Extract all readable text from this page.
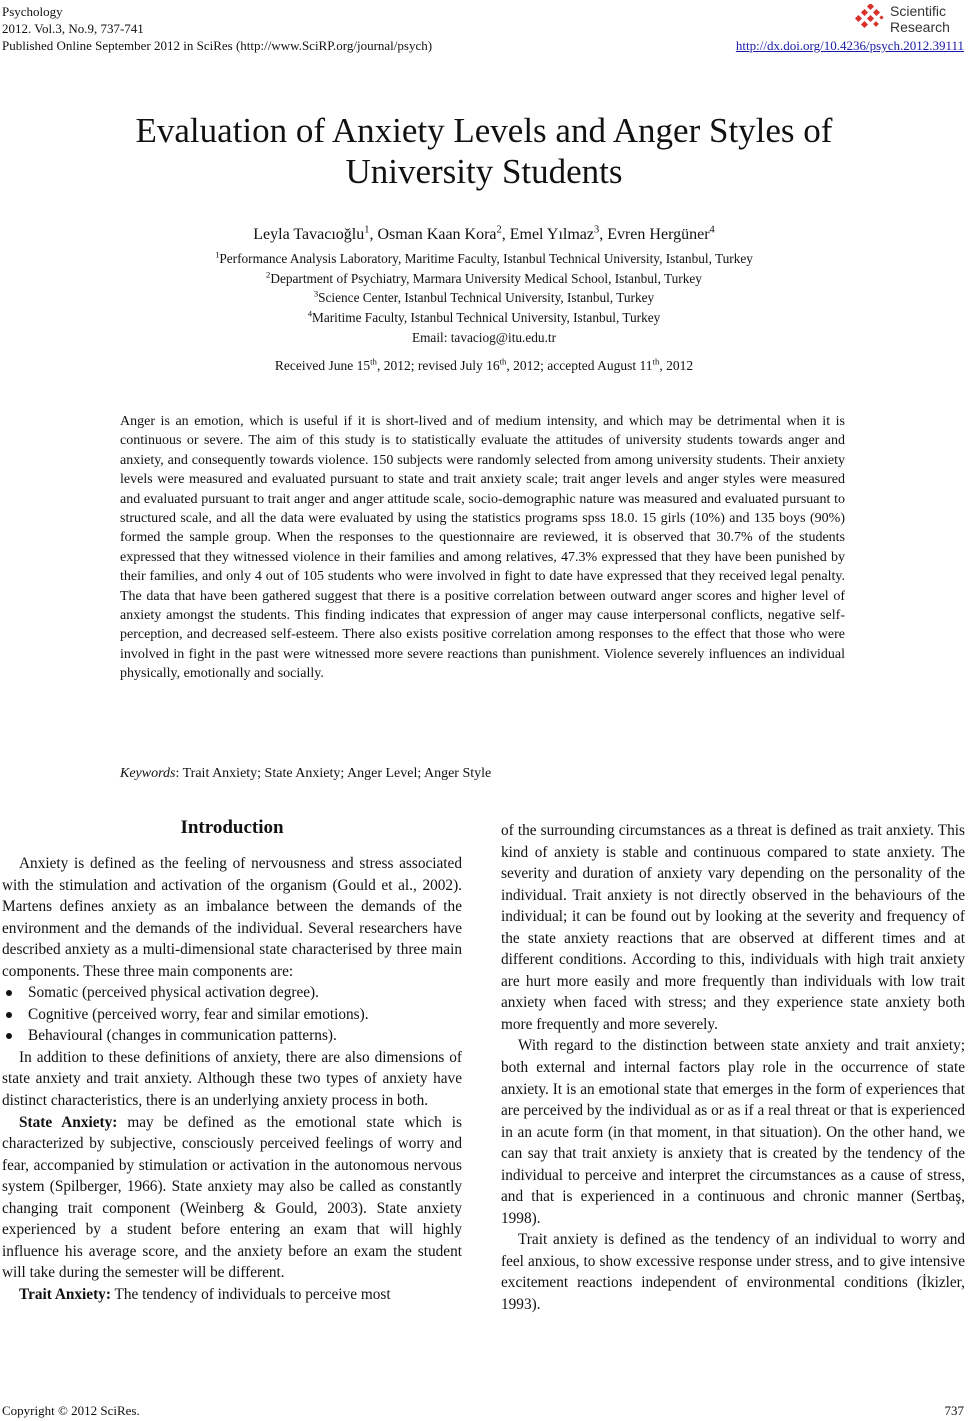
Psychology
2012. Vol.3, No.9, 737-741
Published Online September 2012 in SciRes (http://www.SciRP.org/journal/psych)	http://dx.doi.org/10.4236/psych.2012.39111
Scientific
Research
Evaluation of Anxiety Levels and Anger Styles of
University Students
Leyla Tavacıoğlu$^1$, Osman Kaan Kora$^2$, Emel Yılmaz$^3$, Evren Hergüner$^4$
$^1$Performance Analysis Laboratory, Maritime Faculty, Istanbul Technical University, Istanbul, Turkey
$^2$Department of Psychiatry, Marmara University Medical School, Istanbul, Turkey
$^3$Science Center, Istanbul Technical University, Istanbul, Turkey
$^4$Maritime Faculty, Istanbul Technical University, Istanbul, Turkey
Email: tavaciog@itu.edu.tr
Received June 15th, 2012; revised July 16th, 2012; accepted August 11th, 2012
Anger is an emotion, which is useful if it is short-lived and of medium intensity, and which may be detrimental when it is continuous or severe. The aim of this study is to statistically evaluate the attitudes of university students towards anger and anxiety, and consequently towards violence. 150 subjects were randomly selected from among university students. Their anxiety levels were measured and evaluated pursuant to state and trait anxiety scale; trait anger levels and anger styles were measured and evaluated pursuant to trait anger and anger attitude scale, socio-demographic nature was measured and evaluated pursuant to structured scale, and all the data were evaluated by using the statistics programs spss 18.0. 15 girls (10%) and 135 boys (90%) formed the sample group. When the responses to the questionnaire are reviewed, it is observed that 30.7% of the students expressed that they witnessed violence in their families and among relatives, 47.3% expressed that they have been punished by their families, and only 4 out of 105 students who were involved in fight to date have expressed that they received legal penalty. The data that have been gathered suggest that there is a positive correlation between outward anger scores and higher level of anxiety amongst the students. This finding indicates that expression of anger may cause interpersonal conflicts, negative self-perception, and decreased self-esteem. There also exists positive correlation among responses to the effect that those who were involved in fight in the past were witnessed more severe reactions than punishment. Violence severely influences an individual physically, emotionally and socially.
Keywords: Trait Anxiety; State Anxiety; Anger Level; Anger Style
Introduction

Anxiety is defined as the feeling of nervousness and stress associated with the stimulation and activation of the organism (Gould et al., 2002). Martens defines anxiety as an imbalance between the demands of the environment and the demands of the individual. Several researchers have described anxiety as a multi-dimensional state characterised by three main components. These three main components are:

Somatic (perceived physical activation degree).
Cognitive (perceived worry, fear and similar emotions).
Behavioural (changes in communication patterns).

In addition to these definitions of anxiety, there are also dimensions of state anxiety and trait anxiety. Although these two types of anxiety have distinct characteristics, there is an underlying anxiety process in both.

State Anxiety: may be defined as the emotional state which is characterized by subjective, consciously perceived feelings of worry and fear, accompanied by stimulation or activation in the autonomous nervous system (Spilberger, 1966). State anxiety may also be called as constantly changing trait component (Weinberg & Gould, 2003). State anxiety experienced by a student before entering an exam that will highly influence his average score, and the anxiety before an exam the student will take during the semester will be different.

Trait Anxiety: The tendency of individuals to perceive most

of the surrounding circumstances as a threat is defined as trait anxiety. This kind of anxiety is stable and continuous compared to state anxiety. The severity and duration of anxiety vary depending on the personality of the individual. Trait anxiety is not directly observed in the behaviours of the individual; it can be found out by looking at the severity and frequency of the state anxiety reactions that are observed at different times and at different conditions. According to this, individuals with high trait anxiety are hurt more easily and more frequently than individuals with low trait anxiety when faced with stress; and they experience state anxiety both more frequently and more severely.

With regard to the distinction between state anxiety and trait anxiety; both external and internal factors play role in the occurrence of state anxiety. It is an emotional state that emerges in the form of experiences that are perceived by the individual as or as if a real threat or that is experienced in an acute form (in that moment, in that situation). On the other hand, we can say that trait anxiety is anxiety that is created by the tendency of the individual to perceive and interpret the circumstances as a cause of stress, and that is experienced in a continuous and chronic manner (Sertbaş, 1998).

Trait anxiety is defined as the tendency of an individual to worry and feel anxious, to show excessive response under stress, and to give intensive excitement reactions independent of environmental conditions (İkizler, 1993).

Copyright © 2012 SciRes.	737
